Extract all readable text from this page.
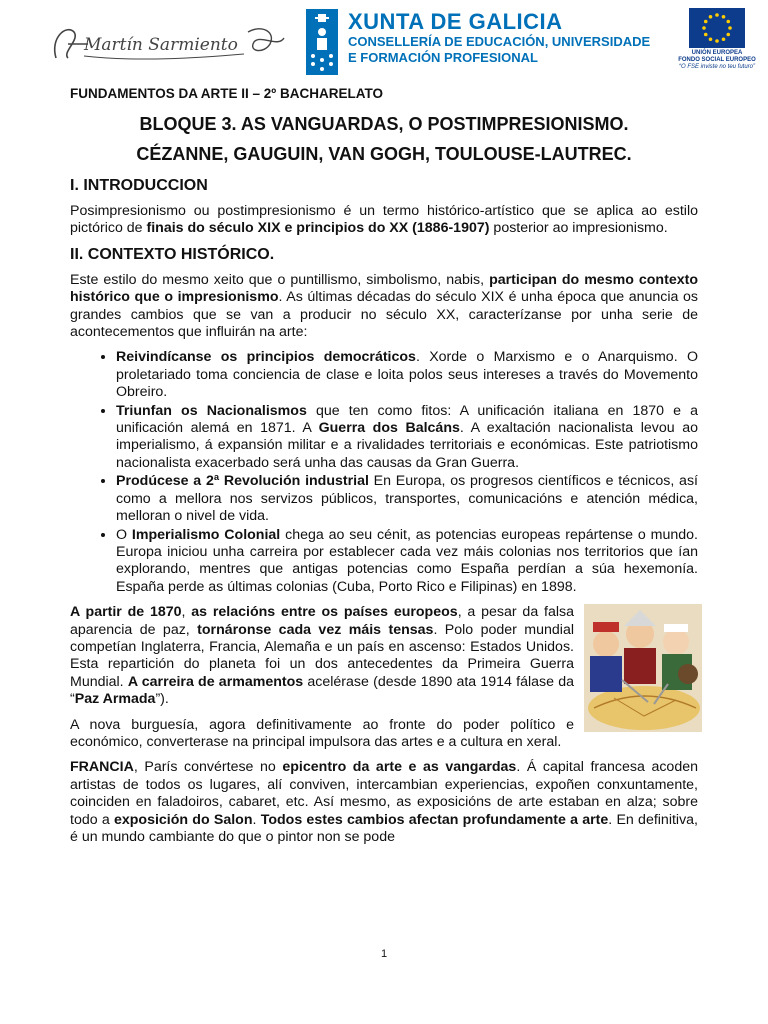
Martín Sarmiento
XUNTA DE GALICIA
CONSELLERÍA DE EDUCACIÓN, UNIVERSIDADE
E FORMACIÓN PROFESIONAL	UNIÓN EUROPEA
FONDO SOCIAL EUROPEO
“O FSE inviste no teu futuro”
FUNDAMENTOS DA ARTE II – 2º BACHARELATO
BLOQUE 3. AS VANGUARDAS, O POSTIMPRESIONISMO.
CÉZANNE, GAUGUIN, VAN GOGH, TOULOUSE-LAUTREC.
I. INTRODUCCION

Posimpresionismo ou postimpresionismo é un termo histórico-artístico que se aplica ao estilo pictórico de finais do século XIX e principios do XX (1886-1907) posterior ao impresionismo.

II. CONTEXTO HISTÓRICO.

Este estilo do mesmo xeito que o puntillismo, simbolismo, nabis, participan do mesmo contexto histórico que o impresionismo. As últimas décadas do século XIX é unha época que anuncia os grandes cambios que se van a producir no século XX, caracterízanse por unha serie de acontecementos que influirán na arte:

• Reivindícanse os principios democráticos. Xorde o Marxismo e o Anarquismo. O proletariado toma conciencia de clase e loita polos seus intereses a través do Movemento Obreiro.
• Triunfan os Nacionalismos que ten como fitos: A unificación italiana en 1870 e a unificación alemá en 1871. A Guerra dos Balcáns. A exaltación nacionalista levou ao imperialismo, á expansión militar e a rivalidades territoriais e económicas. Este patriotismo nacionalista exacerbado será unha das causas da Gran Guerra.
• Prodúcese a 2ª Revolución industrial En Europa, os progresos científicos e técnicos, así como a mellora nos servizos públicos, transportes, comunicacións e atención médica, melloran o nivel de vida.
• O Imperialismo Colonial chega ao seu cénit, as potencias europeas repártense o mundo. Europa iniciou unha carreira por establecer cada vez máis colonias nos territorios que ían explorando, mentres que antigas potencias como España perdían a súa hexemonía. España perde as últimas colonias (Cuba, Porto Rico e Filipinas) en 1898.

A partir de 1870, as relacións entre os países europeos, a pesar da falsa aparencia de paz, tornáronse cada vez máis tensas. Polo poder mundial competían Inglaterra, Francia, Alemaña e un país en ascenso: Estados Unidos. Esta repartición do planeta foi un dos antecedentes da Primeira Guerra Mundial. A carreira de armamentos acelérase (desde 1890 ata 1914 fálase da “Paz Armada”).

A nova burguesía, agora definitivamente ao fronte do poder político e económico, converterase na principal impulsora das artes e a cultura en xeral.

FRANCIA, París convértese no epicentro da arte e as vangardas. Á capital francesa acoden artistas de todos os lugares, alí conviven, intercambian experiencias, expoñen conxuntamente, coinciden en faladoiros, cabaret, etc. Así mesmo, as exposicións de arte estaban en alza; sobre todo a exposición do Salon. Todos estes cambios afectan profundamente a arte. En definitiva, é un mundo cambiante do que o pintor non se pode

1
